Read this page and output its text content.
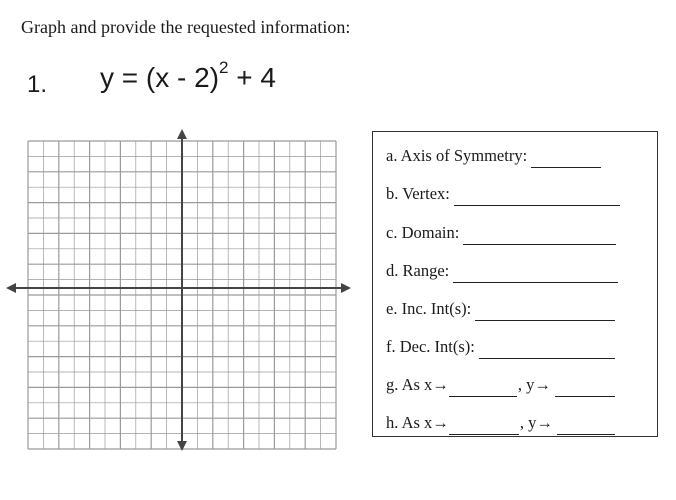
Graph and provide the requested information:
1. y = (x - 2)$^2$ + 4
a. Axis of Symmetry:
b. Vertex:
c. Domain:
d. Range:
e. Inc. Int(s):
f. Dec. Int(s):
g. As x→	, y→
h. As x→	, y→
